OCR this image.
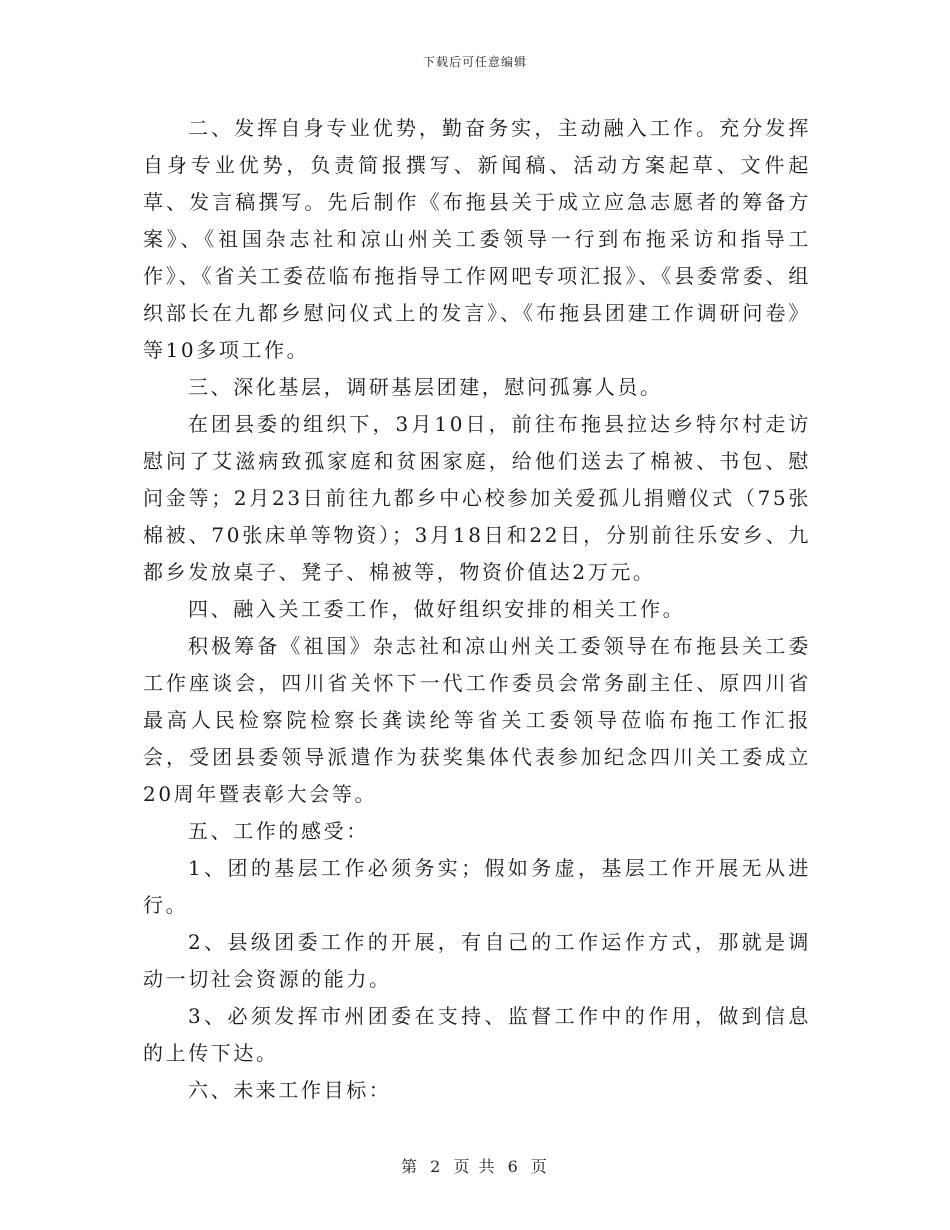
下载后可任意编辑

二、发挥自身专业优势，勤奋务实，主动融入工作。充分发挥自身专业优势，负责简报撰写、新闻稿、活动方案起草、文件起草、发言稿撰写。先后制作《布拖县关于成立应急志愿者的筹备方案》、《祖国杂志社和凉山州关工委领导一行到布拖采访和指导工作》、《省关工委莅临布拖指导工作网吧专项汇报》、《县委常委、组织部长在九都乡慰问仪式上的发言》、《布拖县团建工作调研问卷》等10多项工作。

三、深化基层，调研基层团建，慰问孤寡人员。

在团县委的组织下，3月10日，前往布拖县拉达乡特尔村走访慰问了艾滋病致孤家庭和贫困家庭，给他们送去了棉被、书包、慰问金等；2月23日前往九都乡中心校参加关爱孤儿捐赠仪式（75张棉被、70张床单等物资）；3月18日和22日，分别前往乐安乡、九都乡发放桌子、凳子、棉被等，物资价值达2万元。

四、融入关工委工作，做好组织安排的相关工作。

积极筹备《祖国》杂志社和凉山州关工委领导在布拖县关工委工作座谈会，四川省关怀下一代工作委员会常务副主任、原四川省最高人民检察院检察长龚读纶等省关工委领导莅临布拖工作汇报会，受团县委领导派遣作为获奖集体代表参加纪念四川关工委成立20周年暨表彰大会等。

五、工作的感受：

1、团的基层工作必须务实；假如务虚，基层工作开展无从进行。

2、县级团委工作的开展，有自己的工作运作方式，那就是调动一切社会资源的能力。

3、必须发挥市州团委在支持、监督工作中的作用，做到信息的上传下达。

六、未来工作目标：

第 2 页 共 6 页
